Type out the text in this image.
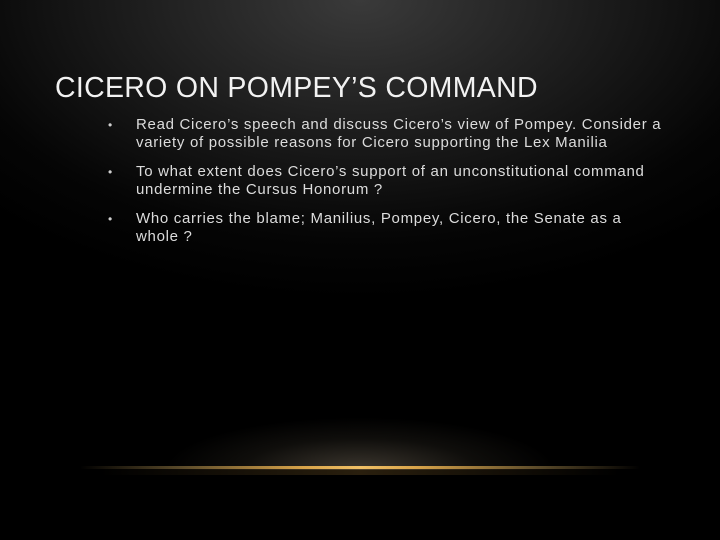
CICERO ON POMPEY’S COMMAND
•	Read Cicero’s speech and discuss Cicero’s view of Pompey. Consider a variety of possible reasons for Cicero supporting the Lex Manilia
•	To what extent does Cicero’s support of an unconstitutional command undermine the Cursus Honorum ?
•	Who carries the blame; Manilius, Pompey, Cicero, the Senate as a whole ?
